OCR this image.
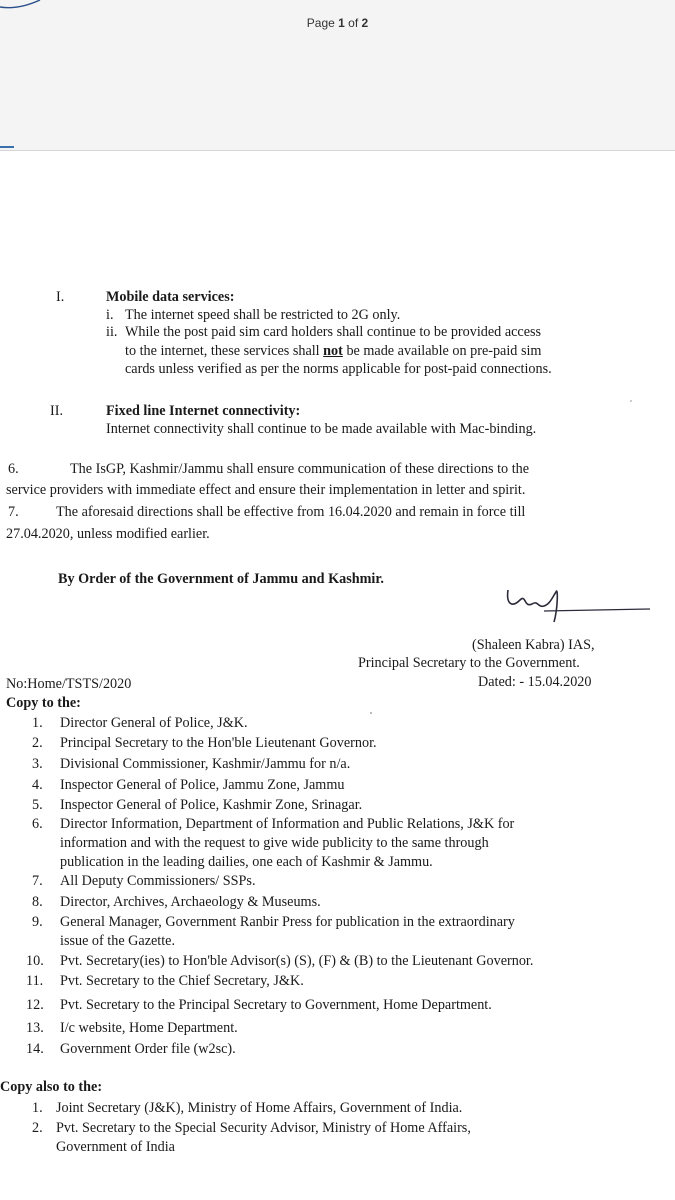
Page 1 of 2
I.	Mobile data services:
i. The internet speed shall be restricted to 2G only.
ii. While the post paid sim card holders shall continue to be provided access
to the internet, these services shall not be made available on pre-paid sim
cards unless verified as per the norms applicable for post-paid connections.
II.	Fixed line Internet connectivity:
Internet connectivity shall continue to be made available with Mac-binding.
6.	The IsGP, Kashmir/Jammu shall ensure communication of these directions to the
service providers with immediate effect and ensure their implementation in letter and spirit.
7.	The aforesaid directions shall be effective from 16.04.2020 and remain in force till
27.04.2020, unless modified earlier.
By Order of the Government of Jammu and Kashmir.
(Shaleen Kabra) IAS,
Principal Secretary to the Government.
No:Home/TSTS/2020	Dated: - 15.04.2020
Copy to the:
1. Director General of Police, J&K.
2. Principal Secretary to the Hon'ble Lieutenant Governor.
3. Divisional Commissioner, Kashmir/Jammu for n/a.
4. Inspector General of Police, Jammu Zone, Jammu
5. Inspector General of Police, Kashmir Zone, Srinagar.
6. Director Information, Department of Information and Public Relations, J&K for
information and with the request to give wide publicity to the same through
publication in the leading dailies, one each of Kashmir & Jammu.
7. All Deputy Commissioners/ SSPs.
8. Director, Archives, Archaeology & Museums.
9. General Manager, Government Ranbir Press for publication in the extraordinary
issue of the Gazette.
10. Pvt. Secretary(ies) to Hon'ble Advisor(s) (S), (F) & (B) to the Lieutenant Governor.
11. Pvt. Secretary to the Chief Secretary, J&K.
12. Pvt. Secretary to the Principal Secretary to Government, Home Department.
13. I/c website, Home Department.
14. Government Order file (w2sc).
Copy also to the:
1. Joint Secretary (J&K), Ministry of Home Affairs, Government of India.
2. Pvt. Secretary to the Special Security Advisor, Ministry of Home Affairs,
Government of India
